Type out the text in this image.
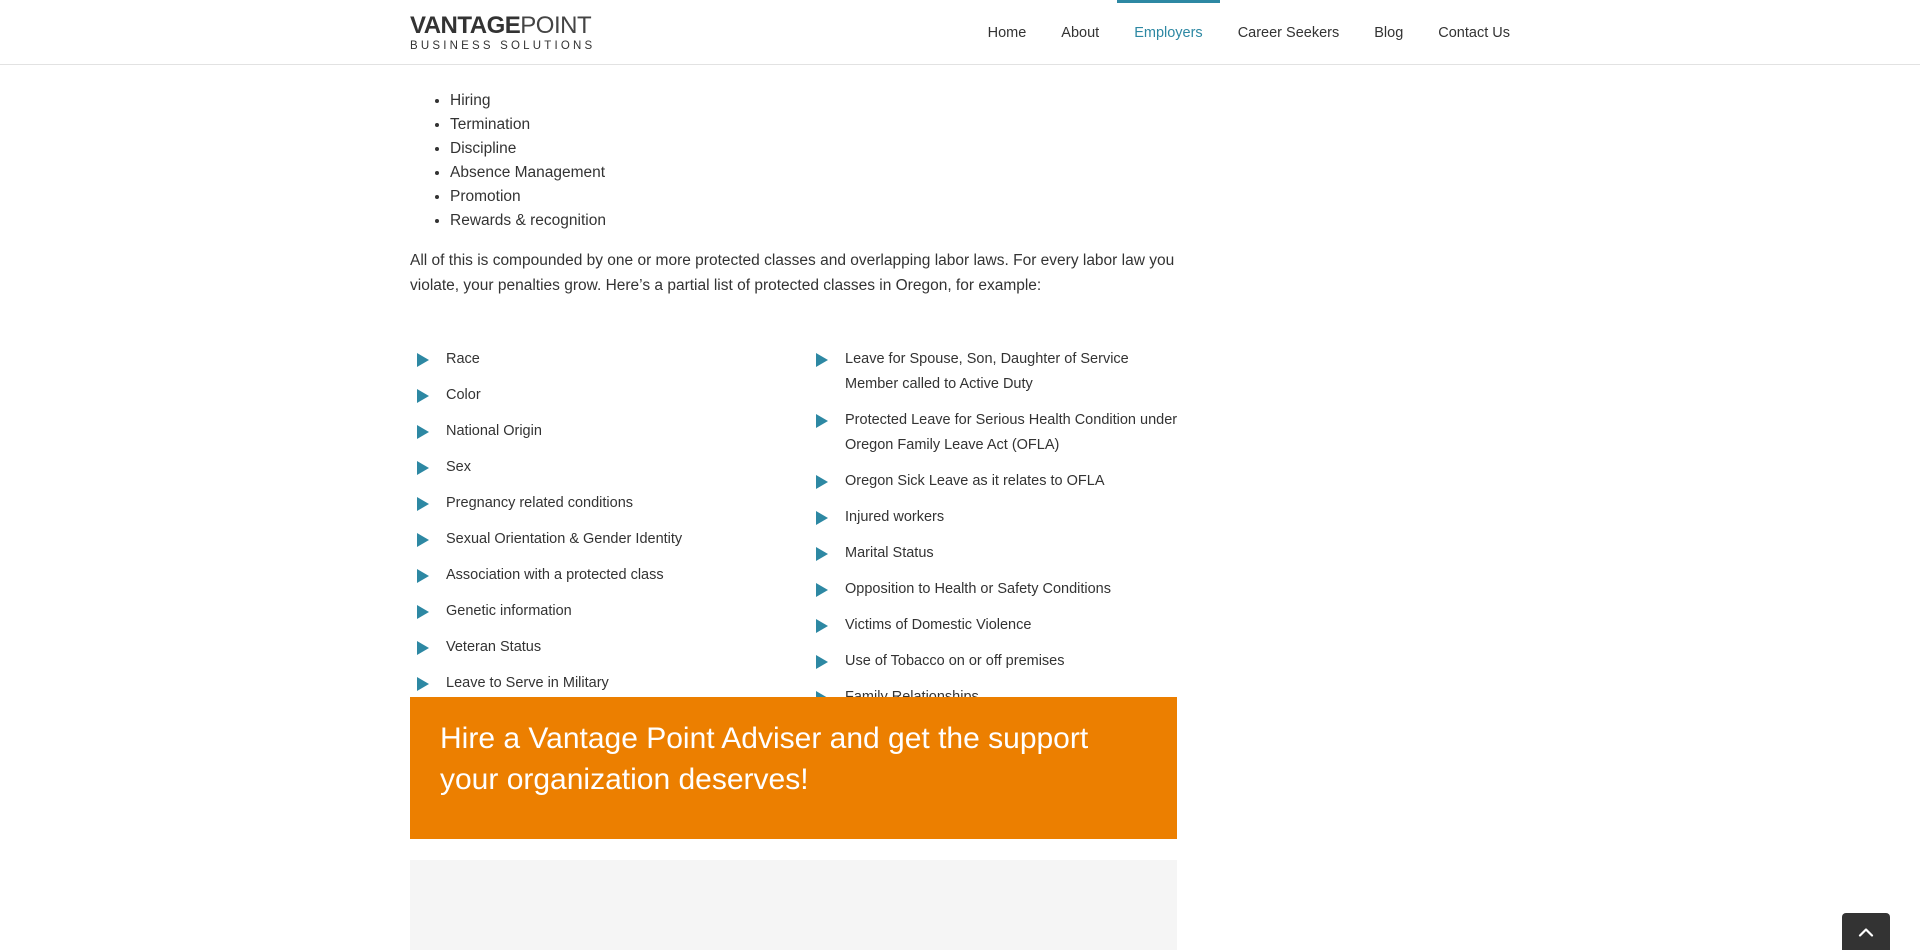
VANTAGEPOINT
BUSINESS SOLUTIONS
Home	About	Employers	Career Seekers	Blog	Contact Us
• Hiring
• Termination
• Discipline
• Absence Management
• Promotion
• Rewards & recognition

All of this is compounded by one or more protected classes and overlapping labor laws. For every labor law you violate, your penalties grow. Here’s a partial list of protected classes in Oregon, for example:

Race
Color
National Origin
Sex
Pregnancy related conditions
Sexual Orientation & Gender Identity
Association with a protected class
Genetic information
Veteran Status
Leave to Serve in Military
Leave for Spouse, Son, Daughter of Service Member called to Active Duty
Protected Leave for Serious Health Condition under Oregon Family Leave Act (OFLA)
Oregon Sick Leave as it relates to OFLA
Injured workers
Marital Status
Opposition to Health or Safety Conditions
Victims of Domestic Violence
Use of Tobacco on or off premises
Hire a Vantage Point Adviser and get the support your organization deserves!
